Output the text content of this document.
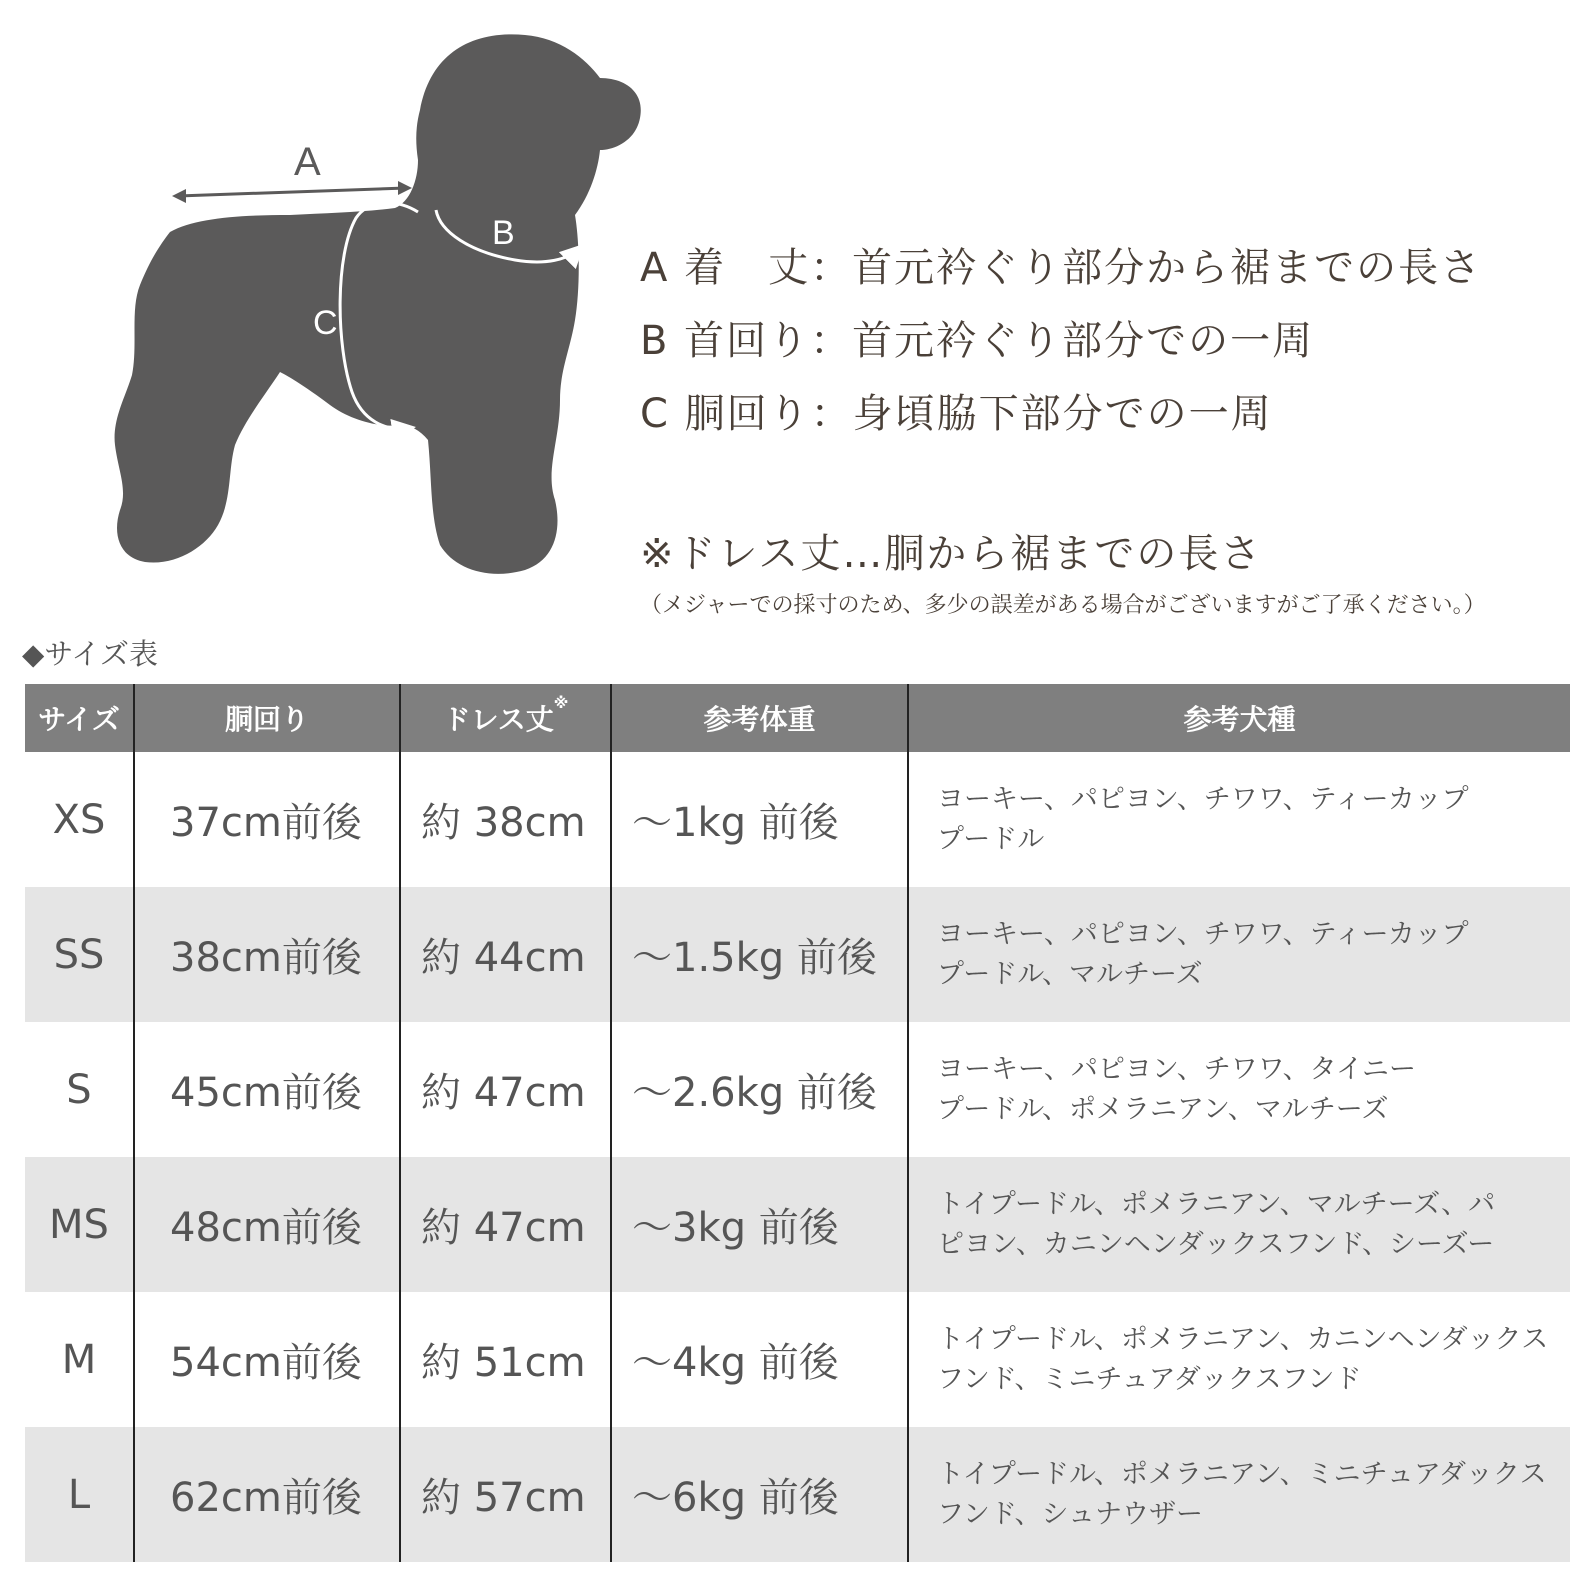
A
B
C
A 着　丈：首元衿ぐり部分から裾までの長さ
B 首回り：首元衿ぐり部分での一周
C 胴回り：身頃脇下部分での一周
※ドレス丈…胴から裾までの長さ
（メジャーでの採寸のため、多少の誤差がある場合がございますがご了承ください。）
◆サイズ表
サイズ	胴回り	ドレス丈※	参考体重	参考犬種
XS	37cm前後	約 38cm	～1kg 前後	ヨーキー、パピヨン、チワワ、ティーカップ
プードル

SS	38cm前後	約 44cm	～1.5kg 前後	ヨーキー、パピヨン、チワワ、ティーカップ
プードル、マルチーズ

S	45cm前後	約 47cm	～2.6kg 前後	ヨーキー、パピヨン、チワワ、タイニー
プードル、ポメラニアン、マルチーズ

MS	48cm前後	約 47cm	～3kg 前後	トイプードル、ポメラニアン、マルチーズ、パ
ピヨン、カニンヘンダックスフンド、シーズー

M	54cm前後	約 51cm	～4kg 前後	トイプードル、ポメラニアン、カニンヘンダックス
フンド、ミニチュアダックスフンド

L	62cm前後	約 57cm	～6kg 前後	トイプードル、ポメラニアン、ミニチュアダックス
フンド、シュナウザー
